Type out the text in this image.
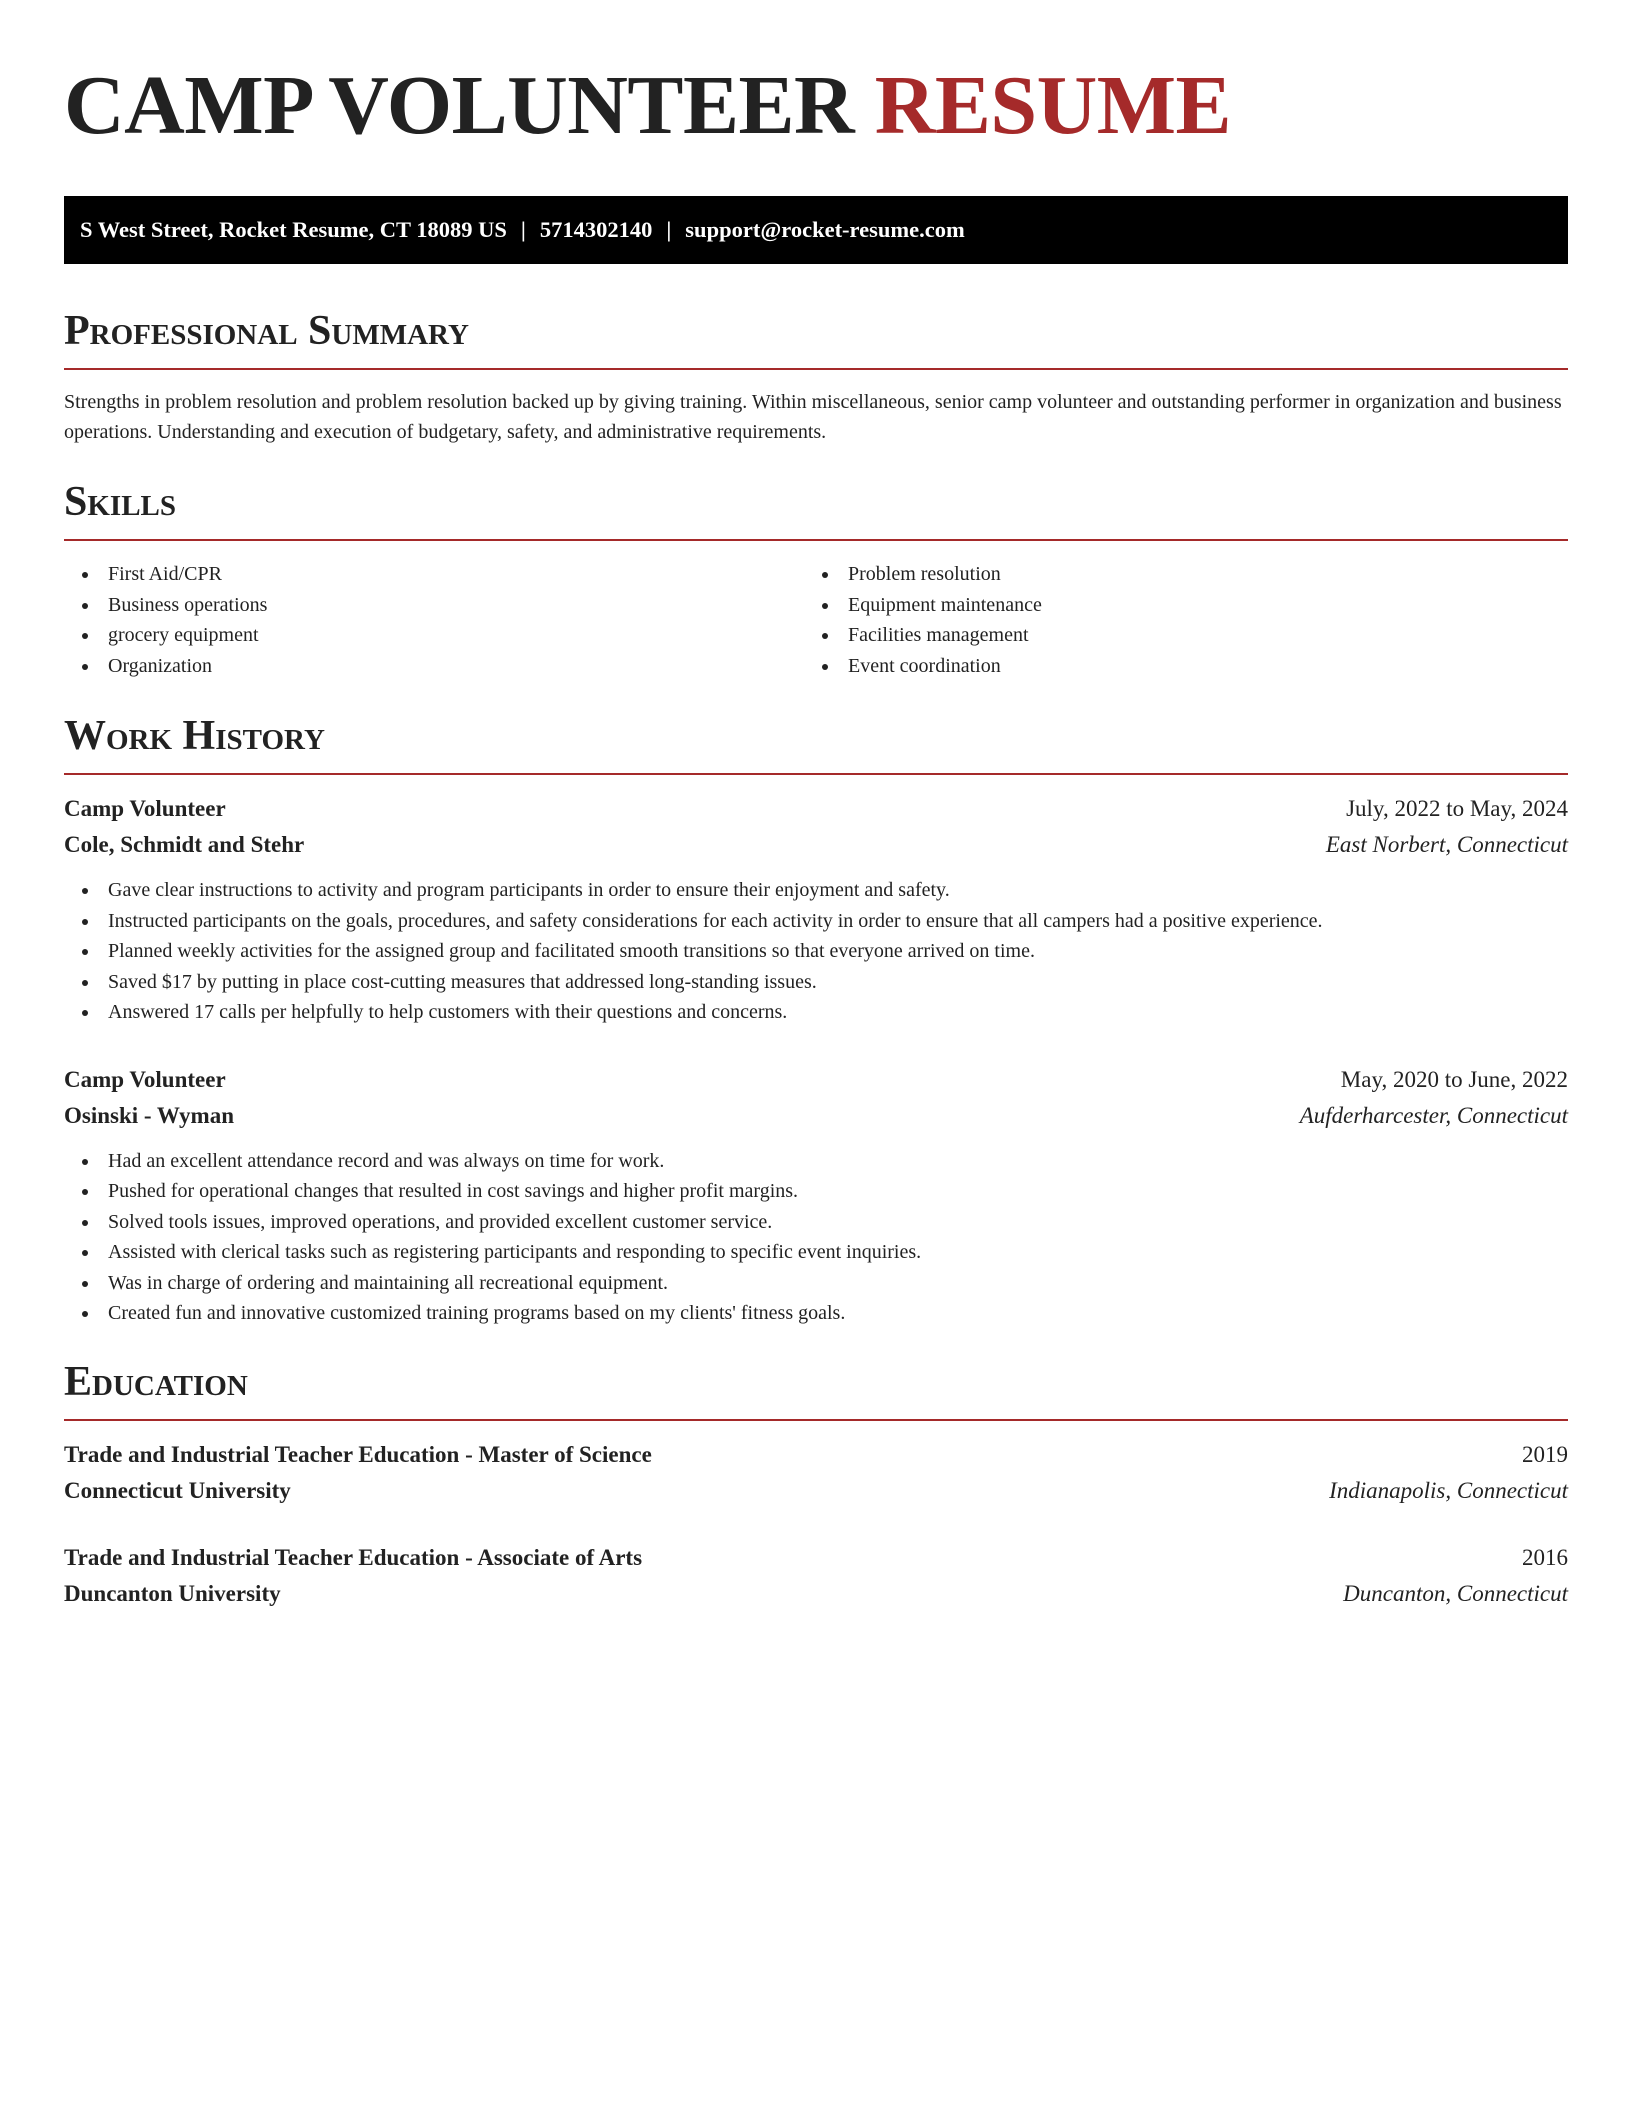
CAMP VOLUNTEER RESUME
S West Street, Rocket Resume, CT 18089 US | 5714302140 | support@rocket-resume.com
Professional Summary

Strengths in problem resolution and problem resolution backed up by giving training. Within miscellaneous, senior camp volunteer and outstanding performer in organization and business operations. Understanding and execution of budgetary, safety, and administrative requirements.

Skills
First Aid/CPR
Business operations
grocery equipment
Organization
Problem resolution
Equipment maintenance
Facilities management
Event coordination
Work History
Camp Volunteer	July, 2022 to May, 2024
Cole, Schmidt and Stehr	East Norbert, Connecticut
Gave clear instructions to activity and program participants in order to ensure their enjoyment and safety.
Instructed participants on the goals, procedures, and safety considerations for each activity in order to ensure that all campers had a positive experience.
Planned weekly activities for the assigned group and facilitated smooth transitions so that everyone arrived on time.
Saved $17 by putting in place cost-cutting measures that addressed long-standing issues.
Answered 17 calls per helpfully to help customers with their questions and concerns.
Camp Volunteer	May, 2020 to June, 2022
Osinski - Wyman	Aufderharcester, Connecticut
Had an excellent attendance record and was always on time for work.
Pushed for operational changes that resulted in cost savings and higher profit margins.
Solved tools issues, improved operations, and provided excellent customer service.
Assisted with clerical tasks such as registering participants and responding to specific event inquiries.
Was in charge of ordering and maintaining all recreational equipment.
Created fun and innovative customized training programs based on my clients' fitness goals.
Education
Trade and Industrial Teacher Education - Master of Science	2019
Connecticut University	Indianapolis, Connecticut
Trade and Industrial Teacher Education - Associate of Arts	2016
Duncanton University	Duncanton, Connecticut
